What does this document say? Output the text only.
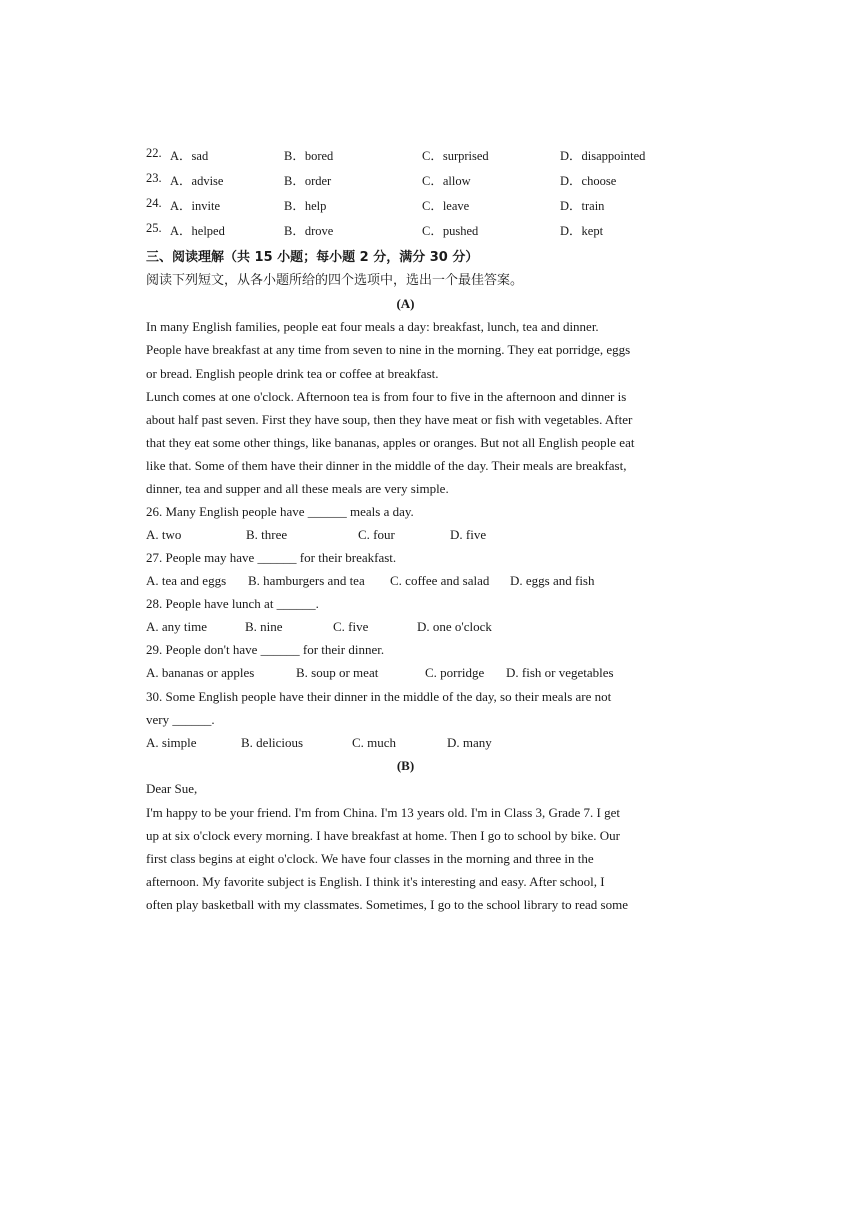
22. A．sad	B．bored	C．surprised	D．disappointed
23. A．advise	B．order	C．allow	D．choose
24. A．invite	B．help	C．leave	D．train
25. A．helped	B．drove	C．pushed	D．kept
三、阅读理解（共 15 小题；每小题 2 分，满分 30 分）
阅读下列短文，从各小题所给的四个选项中，选出一个最佳答案。
(A)
In many English families, people eat four meals a day: breakfast, lunch, tea and dinner.
People have breakfast at any time from seven to nine in the morning. They eat porridge, eggs
or bread. English people drink tea or coffee at breakfast.
Lunch comes at one o'clock. Afternoon tea is from four to five in the afternoon and dinner is
about half past seven. First they have soup, then they have meat or fish with vegetables. After
that they eat some other things, like bananas, apples or oranges. But not all English people eat
like that. Some of them have their dinner in the middle of the day. Their meals are breakfast,
dinner, tea and supper and all these meals are very simple.
26. Many English people have ______ meals a day.

A. two

	B. three

	C. four

	D. five

27. People may have ______ for their breakfast.

A. tea and eggs

B. hamburgers and tea

C. coffee and salad

D. eggs and fish

28. People have lunch at ______.

A. any time

	B. nine

	C. five

	D. one o'clock

29. People don't have ______ for their dinner.

A. bananas or apples

	B. soup or meat

	C. porridge

D. fish or vegetables

30. Some English people have their dinner in the middle of the day, so their meals are not
very ______.

A. simple

	B. delicious

	C. much

	D. many

(B)
Dear Sue,
I'm happy to be your friend. I'm from China. I'm 13 years old. I'm in Class 3, Grade 7. I get
up at six o'clock every morning. I have breakfast at home. Then I go to school by bike. Our
first class begins at eight o'clock. We have four classes in the morning and three in the
afternoon. My favorite subject is English. I think it's interesting and easy. After school, I
often play basketball with my classmates. Sometimes, I go to the school library to read some
